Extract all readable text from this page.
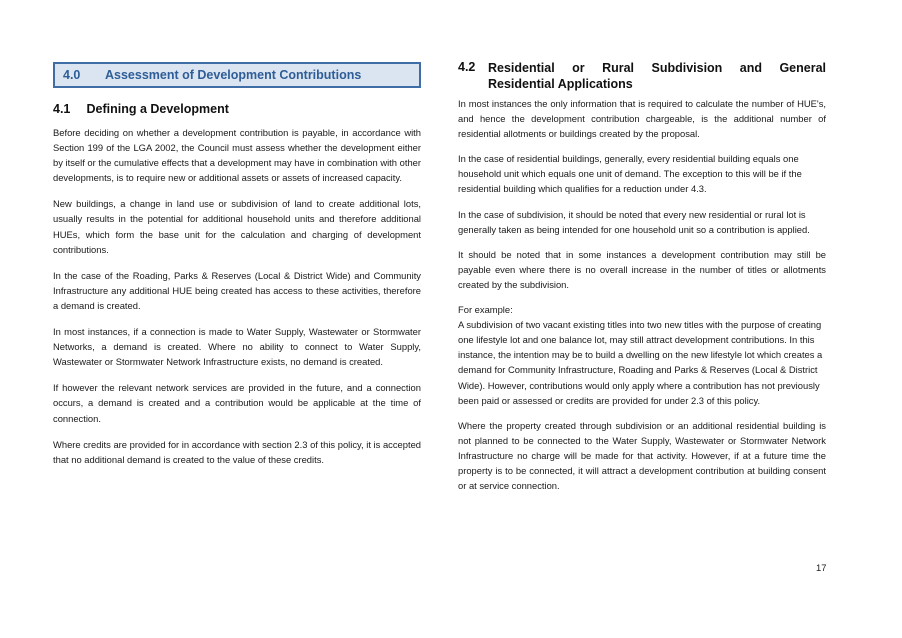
4.0	Assessment of Development Contributions
4.1 Defining a Development

Before deciding on whether a development contribution is payable, in accordance with Section 199 of the LGA 2002, the Council must assess whether the development either by itself or the cumulative effects that a development may have in combination with other developments, is to require new or additional assets or assets of increased capacity.

New buildings, a change in land use or subdivision of land to create additional lots, usually results in the potential for additional household units and therefore additional HUEs, which form the base unit for the calculation and charging of development contributions.

In the case of the Roading, Parks & Reserves (Local & District Wide) and Community Infrastructure any additional HUE being created has access to these activities, therefore a demand is created.

In most instances, if a connection is made to Water Supply, Wastewater or Stormwater Networks, a demand is created. Where no ability to connect to Water Supply, Wastewater or Stormwater Network Infrastructure exists, no demand is created.

If however the relevant network services are provided in the future, and a connection occurs, a demand is created and a contribution would be applicable at the time of connection.

Where credits are provided for in accordance with section 2.3 of this policy, it is accepted that no additional demand is created to the value of these credits.

4.2	Residential or Rural Subdivision and General Residential Applications

In most instances the only information that is required to calculate the number of HUE's, and hence the development contribution chargeable, is the additional number of residential allotments or buildings created by the proposal.

In the case of residential buildings, generally, every residential building equals one household unit which equals one unit of demand. The exception to this will be if the residential building which qualifies for a reduction under 4.3.

In the case of subdivision, it should be noted that every new residential or rural lot is generally taken as being intended for one household unit so a contribution is applied.

It should be noted that in some instances a development contribution may still be payable even where there is no overall increase in the number of titles or allotments created by the subdivision.

For example:

A subdivision of two vacant existing titles into two new titles with the purpose of creating one lifestyle lot and one balance lot, may still attract development contributions. In this instance, the intention may be to build a dwelling on the new lifestyle lot which creates a demand for Community Infrastructure, Roading and Parks & Reserves (Local & District Wide). However, contributions would only apply where a contribution has not previously been paid or assessed or credits are provided for under 2.3 of this policy.

Where the property created through subdivision or an additional residential building is not planned to be connected to the Water Supply, Wastewater or Stormwater Network Infrastructure no charge will be made for that activity. However, if at a future time the property is to be connected, it will attract a development contribution at building consent or at service connection.

17
